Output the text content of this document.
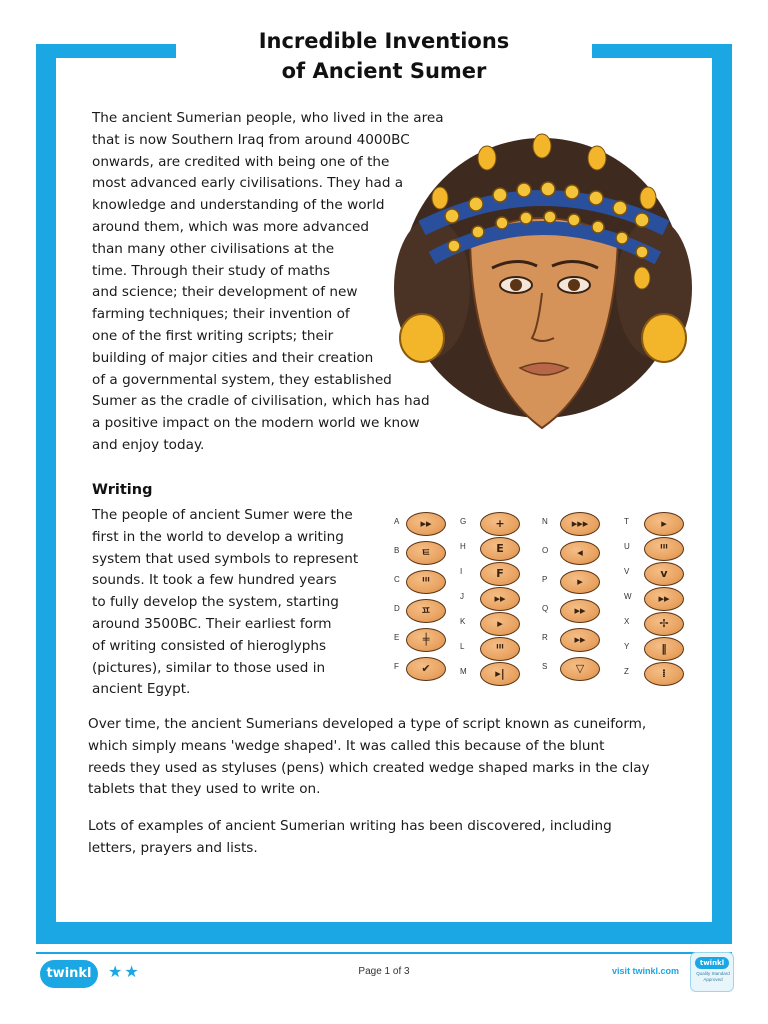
Incredible Inventions
of Ancient Sumer
The ancient Sumerian people, who lived in the area
that is now Southern Iraq from around 4000BC
onwards, are credited with being one of the
most advanced early civilisations. They had a
knowledge and understanding of the world
around them, which was more advanced
than many other civilisations at the
time. Through their study of maths
and science; their development of new
farming techniques; their invention of
one of the first writing scripts; their
building of major cities and their creation
of a governmental system, they established
Sumer as the cradle of civilisation, which has had
a positive impact on the modern world we know
and enjoy today.
Writing
The people of ancient Sumer were the
first in the world to develop a writing
system that used symbols to represent
sounds. It took a few hundred years
to fully develop the system, starting
around 3500BC. Their earliest form
of writing consisted of hieroglyphs
(pictures), similar to those used in
ancient Egypt.
A	▸▸
B	ㅌ
C	ᴵᴵᴵ
D	ㅍ
E	╪
F	✔
G	+
H	E
I	F
J	▸▸
K	▸
L	ᴵᴵᴵ
M	▸|
N	▸▸▸
O	◂
P	▸
Q	▸▸
R	▸▸
S	▽
T	▸
U	ᴵᴵᴵ
V	ⅴ
W	▸▸
X	✢
Y	‖
Z	⁞
Over time, the ancient Sumerians developed a type of script known as cuneiform,
which simply means 'wedge shaped'. It was called this because of the blunt
reeds they used as styluses (pens) which created wedge shaped marks in the clay
tablets that they used to write on.
Lots of examples of ancient Sumerian writing has been discovered, including
letters, prayers and lists.
twinkl	★★	Page 1 of 3	visit twinkl.com
twinkl
Quality Standard Approved
